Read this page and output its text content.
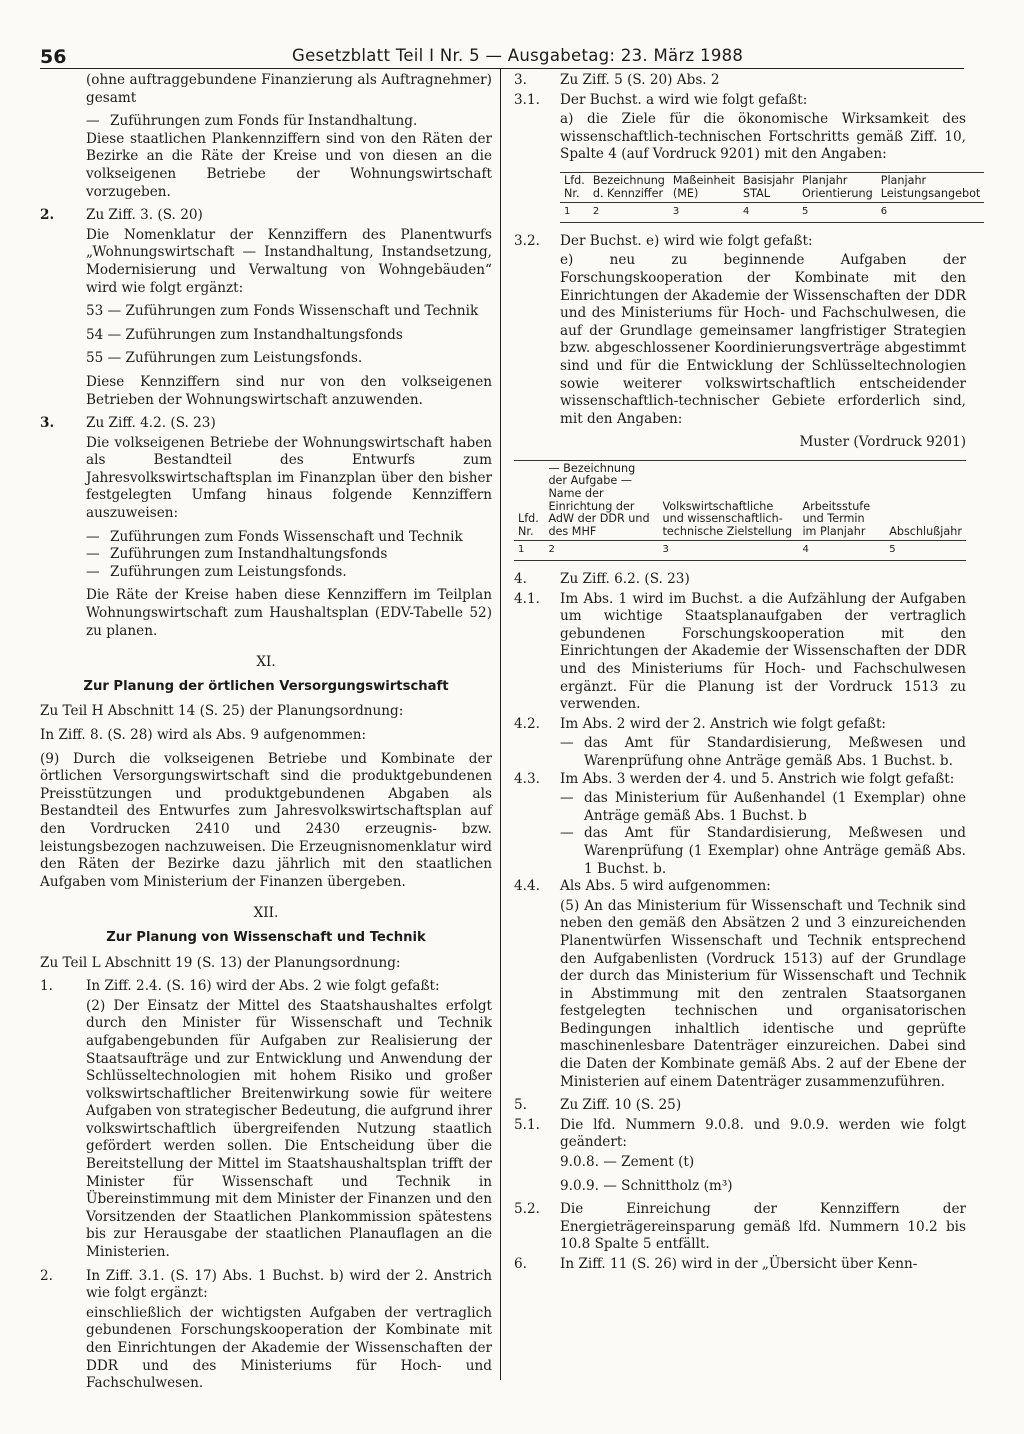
56	Gesetzblatt Teil I Nr. 5 — Ausgabetag: 23. März 1988

(ohne auftraggebundene Finanzierung als Auftragnehmer) gesamt

— Zuführungen zum Fonds für Instandhaltung.

Diese staatlichen Plankennziffern sind von den Räten der Bezirke an die Räte der Kreise und von diesen an die volkseigenen Betriebe der Wohnungswirtschaft vorzugeben.

2.	Zu Ziff. 3. (S. 20)

Die Nomenklatur der Kennziffern des Planentwurfs „Wohnungswirtschaft — Instandhaltung, Instandsetzung, Modernisierung und Verwaltung von Wohngebäuden“ wird wie folgt ergänzt:

53 — Zuführungen zum Fonds Wissenschaft und Technik

54 — Zuführungen zum Instandhaltungsfonds

55 — Zuführungen zum Leistungsfonds.

Diese Kennziffern sind nur von den volkseigenen Betrieben der Wohnungswirtschaft anzuwenden.

3.	Zu Ziff. 4.2. (S. 23)

Die volkseigenen Betriebe der Wohnungswirtschaft haben als Bestandteil des Entwurfs zum Jahresvolkswirtschaftsplan im Finanzplan über den bisher festgelegten Umfang hinaus folgende Kennziffern auszuweisen:

— Zuführungen zum Fonds Wissenschaft und Technik
— Zuführungen zum Instandhaltungsfonds
— Zuführungen zum Leistungsfonds.

Die Räte der Kreise haben diese Kennziffern im Teilplan Wohnungswirtschaft zum Haushaltsplan (EDV-Tabelle 52) zu planen.

XI.
Zur Planung der örtlichen Versorgungswirtschaft

Zu Teil H Abschnitt 14 (S. 25) der Planungsordnung:

In Ziff. 8. (S. 28) wird als Abs. 9 aufgenommen:

(9) Durch die volkseigenen Betriebe und Kombinate der örtlichen Versorgungswirtschaft sind die produktgebundenen Preisstützungen und produktgebundenen Abgaben als Bestandteil des Entwurfes zum Jahresvolkswirtschaftsplan auf den Vordrucken 2410 und 2430 erzeugnis- bzw. leistungsbezogen nachzuweisen. Die Erzeugnisnomenklatur wird den Räten der Bezirke dazu jährlich mit den staatlichen Aufgaben vom Ministerium der Finanzen übergeben.

XII.
Zur Planung von Wissenschaft und Technik

Zu Teil L Abschnitt 19 (S. 13) der Planungsordnung:

1.	In Ziff. 2.4. (S. 16) wird der Abs. 2 wie folgt gefaßt:

(2) Der Einsatz der Mittel des Staatshaushaltes erfolgt durch den Minister für Wissenschaft und Technik aufgabengebunden für Aufgaben zur Realisierung der Staatsaufträge und zur Entwicklung und Anwendung der Schlüsseltechnologien mit hohem Risiko und großer volkswirtschaftlicher Breitenwirkung sowie für weitere Aufgaben von strategischer Bedeutung, die aufgrund ihrer volkswirtschaftlich übergreifenden Nutzung staatlich gefördert werden sollen. Die Entscheidung über die Bereitstellung der Mittel im Staatshaushaltsplan trifft der Minister für Wissenschaft und Technik in Übereinstimmung mit dem Minister der Finanzen und den Vorsitzenden der Staatlichen Plankommission spätestens bis zur Herausgabe der staatlichen Planauflagen an die Ministerien.

2.	In Ziff. 3.1. (S. 17) Abs. 1 Buchst. b) wird der 2. Anstrich wie folgt ergänzt:

einschließlich der wichtigsten Aufgaben der vertraglich gebundenen Forschungskooperation der Kombinate mit den Einrichtungen der Akademie der Wissenschaften der DDR und des Ministeriums für Hoch- und Fachschulwesen.

3.	Zu Ziff. 5 (S. 20) Abs. 2
3.1.	Der Buchst. a wird wie folgt gefaßt:

a) die Ziele für die ökonomische Wirksamkeit des wissenschaftlich-technischen Fortschritts gemäß Ziff. 10, Spalte 4 (auf Vordruck 9201) mit den Angaben:

Lfd. Nr.	Bezeichnung d. Kennziffer	Maßeinheit (ME)	Basisjahr STAL	Planjahr Orientierung	Planjahr Leistungsangebot
1	2	3	4	5	6
3.2.	Der Buchst. e) wird wie folgt gefaßt:

e) neu zu beginnende Aufgaben der Forschungskooperation der Kombinate mit den Einrichtungen der Akademie der Wissenschaften der DDR und des Ministeriums für Hoch- und Fachschulwesen, die auf der Grundlage gemeinsamer langfristiger Strategien bzw. abgeschlossener Koordinierungsverträge abgestimmt sind und für die Entwicklung der Schlüsseltechnologien sowie weiterer volkswirtschaftlich entscheidender wissenschaftlich-technischer Gebiete erforderlich sind, mit den Angaben:

Muster (Vordruck 9201)

Lfd. Nr.	— Bezeichnung der Aufgabe — Name der Einrichtung der AdW der DDR und des MHF	Volkswirtschaftliche und wissenschaftlich-technische Zielstellung	Arbeitsstufe und Termin im Planjahr	Abschlußjahr
1	2	3	4	5
4.	Zu Ziff. 6.2. (S. 23)
4.1.	Im Abs. 1 wird im Buchst. a die Aufzählung der Aufgaben um wichtige Staatsplanaufgaben der vertraglich gebundenen Forschungskooperation mit den Einrichtungen der Akademie der Wissenschaften der DDR und des Ministeriums für Hoch- und Fachschulwesen ergänzt. Für die Planung ist der Vordruck 1513 zu verwenden.
4.2.	Im Abs. 2 wird der 2. Anstrich wie folgt gefaßt:
— das Amt für Standardisierung, Meßwesen und Warenprüfung ohne Anträge gemäß Abs. 1 Buchst. b.
4.3.	Im Abs. 3 werden der 4. und 5. Anstrich wie folgt gefaßt:
— das Ministerium für Außenhandel (1 Exemplar) ohne Anträge gemäß Abs. 1 Buchst. b
— das Amt für Standardisierung, Meßwesen und Warenprüfung (1 Exemplar) ohne Anträge gemäß Abs. 1 Buchst. b.
4.4.	Als Abs. 5 wird aufgenommen:

(5) An das Ministerium für Wissenschaft und Technik sind neben den gemäß den Absätzen 2 und 3 einzureichenden Planentwürfen Wissenschaft und Technik entsprechend den Aufgabenlisten (Vordruck 1513) auf der Grundlage der durch das Ministerium für Wissenschaft und Technik in Abstimmung mit den zentralen Staatsorganen festgelegten technischen und organisatorischen Bedingungen inhaltlich identische und geprüfte maschinenlesbare Datenträger einzureichen. Dabei sind die Daten der Kombinate gemäß Abs. 2 auf der Ebene der Ministerien auf einem Datenträger zusammenzuführen.

5.	Zu Ziff. 10 (S. 25)
5.1.	Die lfd. Nummern 9.0.8. und 9.0.9. werden wie folgt geändert:

9.0.8. — Zement (t)

9.0.9. — Schnittholz (m³)

5.2.	Die Einreichung der Kennziffern der Energieträgereinsparung gemäß lfd. Nummern 10.2 bis 10.8 Spalte 5 entfällt.
6.	In Ziff. 11 (S. 26) wird in der „Übersicht über Kenn-
